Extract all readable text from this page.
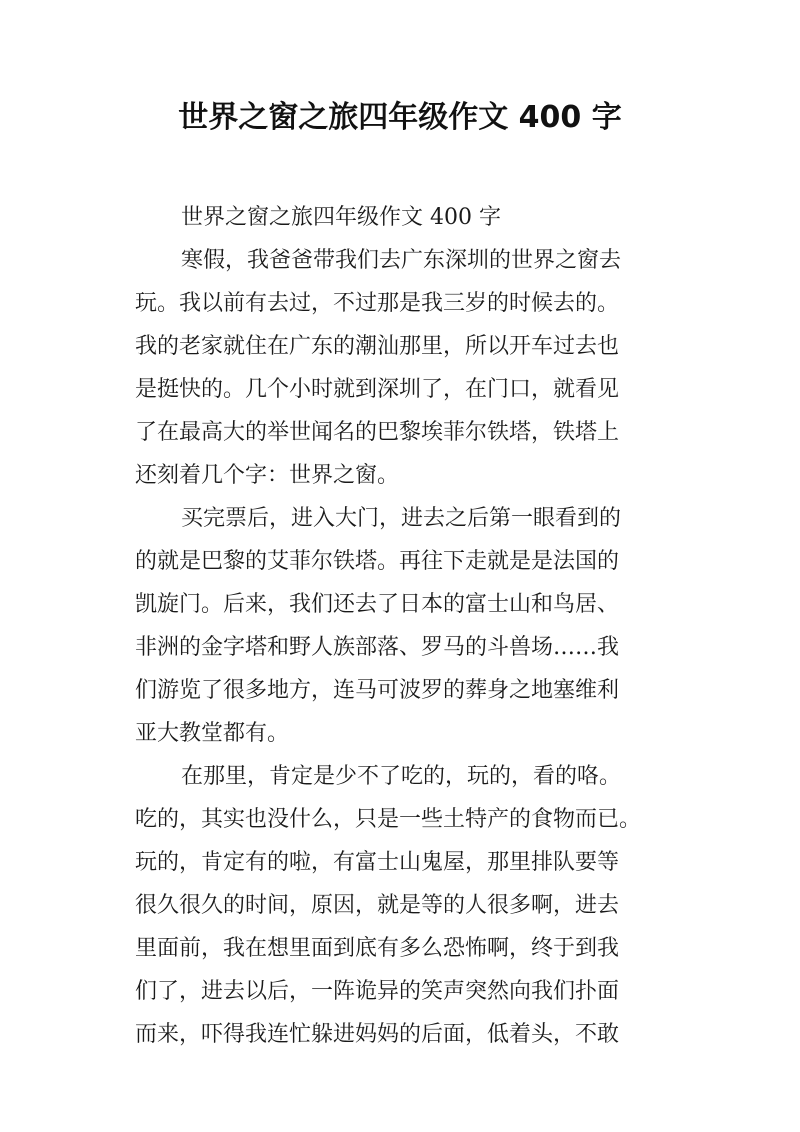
世界之窗之旅四年级作文 400 字
世界之窗之旅四年级作文 400 字
寒假，我爸爸带我们去广东深圳的世界之窗去
玩。我以前有去过，不过那是我三岁的时候去的。
我的老家就住在广东的潮汕那里，所以开车过去也
是挺快的。几个小时就到深圳了，在门口，就看见
了在最高大的举世闻名的巴黎埃菲尔铁塔，铁塔上
还刻着几个字：世界之窗。
买完票后，进入大门，进去之后第一眼看到的
的就是巴黎的艾菲尔铁塔。再往下走就是是法国的
凯旋门。后来，我们还去了日本的富士山和鸟居、
非洲的金字塔和野人族部落、罗马的斗兽场……我
们游览了很多地方，连马可波罗的葬身之地塞维利
亚大教堂都有。
在那里，肯定是少不了吃的，玩的，看的咯。
吃的，其实也没什么，只是一些土特产的食物而已。
玩的，肯定有的啦，有富士山鬼屋，那里排队要等
很久很久的时间，原因，就是等的人很多啊，进去
里面前，我在想里面到底有多么恐怖啊，终于到我
们了，进去以后，一阵诡异的笑声突然向我们扑面
而来，吓得我连忙躲进妈妈的后面，低着头，不敢
